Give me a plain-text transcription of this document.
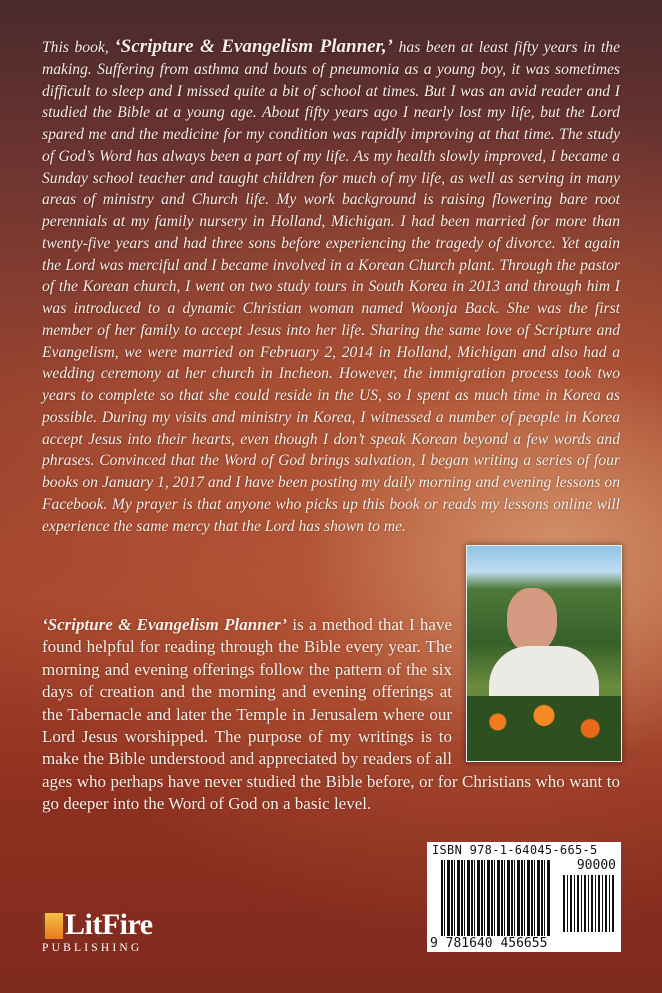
This book, ‘Scripture & Evangelism Planner,’ has been at least fifty years in the making. Suffering from asthma and bouts of pneumonia as a young boy, it was sometimes difficult to sleep and I missed quite a bit of school at times. But I was an avid reader and I studied the Bible at a young age. About fifty years ago I nearly lost my life, but the Lord spared me and the medicine for my condition was rapidly improving at that time. The study of God’s Word has always been a part of my life. As my health slowly improved, I became a Sunday school teacher and taught children for much of my life, as well as serving in many areas of ministry and Church life. My work background is raising flowering bare root perennials at my family nursery in Holland, Michigan. I had been married for more than twenty-five years and had three sons before experiencing the tragedy of divorce. Yet again the Lord was merciful and I became involved in a Korean Church plant. Through the pastor of the Korean church, I went on two study tours in South Korea in 2013 and through him I was introduced to a dynamic Christian woman named Woonja Back. She was the first member of her family to accept Jesus into her life. Sharing the same love of Scripture and Evangelism, we were married on February 2, 2014 in Holland, Michigan and also had a wedding ceremony at her church in Incheon. However, the immigration process took two years to complete so that she could reside in the US, so I spent as much time in Korea as possible. During my visits and ministry in Korea, I witnessed a number of people in Korea accept Jesus into their hearts, even though I don’t speak Korean beyond a few words and phrases. Convinced that the Word of God brings salvation, I began writing a series of four books on January 1, 2017 and I have been posting my daily morning and evening lessons on Facebook. My prayer is that anyone who picks up this book or reads my lessons online will experience the same mercy that the Lord has shown to me.
‘Scripture & Evangelism Planner’ is a method that I have found helpful for reading through the Bible every year. The morning and evening offerings follow the pattern of the six days of creation and the morning and evening offerings at the Tabernacle and later the Temple in Jerusalem where our Lord Jesus worshipped. The purpose of my writings is to make the Bible understood and appreciated by readers of all ages who perhaps have never studied the Bible before, or for Christians who want to go deeper into the Word of God on a basic level.
LitFire
PUBLISHING
ISBN 978-1-64045-665-5
90000
9 781640 456655
